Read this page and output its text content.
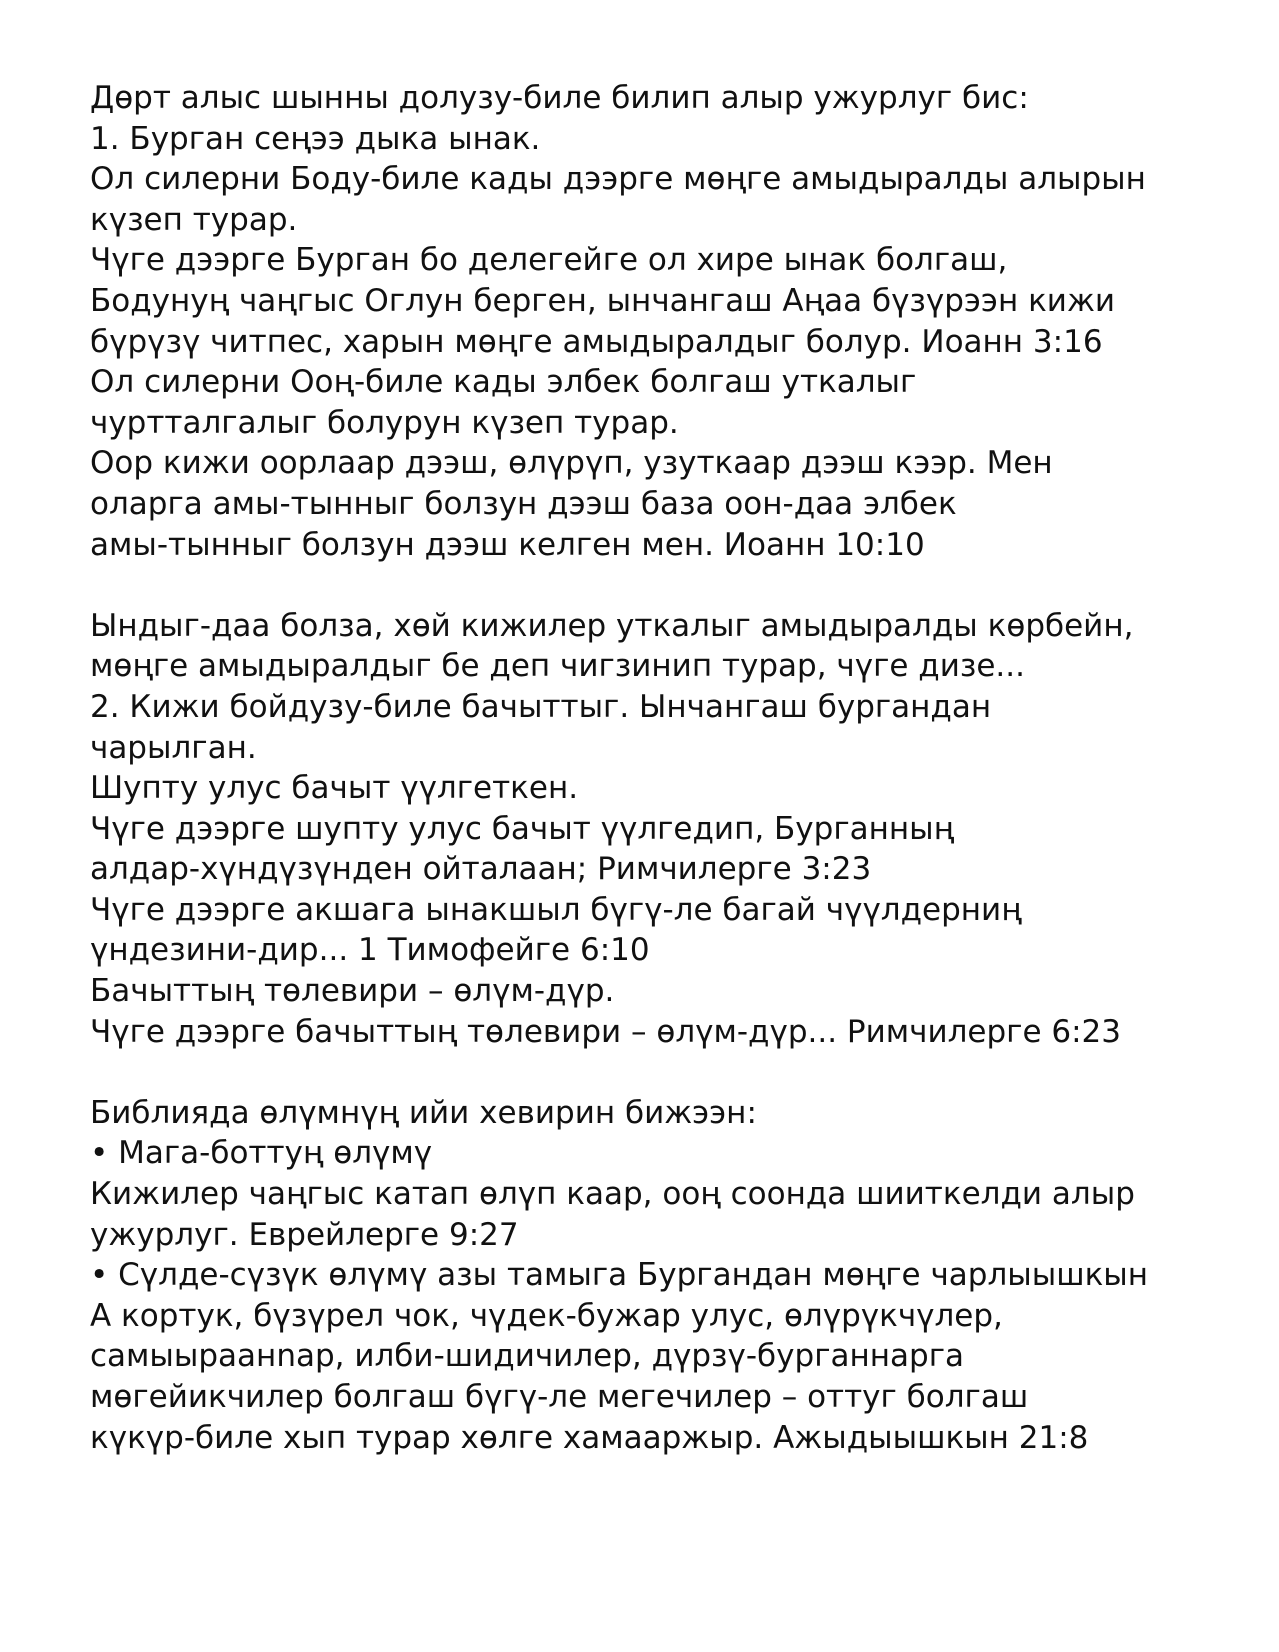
Дөрт алыс шынны долузу-биле билип алыр ужурлуг бис:
1. Бурган сеңээ дыка ынак.
Ол силерни Боду-биле кады дээрге мөңге амыдыралды алырын
күзеп турар.
Чүге дээрге Бурган бо делегейге ол хире ынак болгаш,
Бодунуң чаңгыс Оглун берген, ынчангаш Аңаа бүзүрээн кижи
бүрүзү читпес, харын мөңге амыдыралдыг болур. Иоанн 3:16
Ол силерни Ооң-биле кады элбек болгаш уткалыг
чуртталгалыг болурун күзеп турар.
Оор кижи оорлаар дээш, өлүрүп, узуткаар дээш кээр. Мен
оларга амы-тынныг болзун дээш база оон-даа элбек
амы-тынныг болзун дээш келген мен. Иоанн 10:10
Ындыг-даа болза, хөй кижилер уткалыг амыдыралды көрбейн,
мөңге амыдыралдыг бе деп чигзинип турар, чүге дизе...
2. Кижи бойдузу-биле бачыттыг. Ынчангаш бургандан
чарылган.
Шупту улус бачыт үүлгеткен.
Чүге дээрге шупту улус бачыт үүлгедип, Бурганның
алдар-хүндүзүнден ойталаан; Римчилерге 3:23
Чүге дээрге акшага ынакшыл бүгү-ле багай чүүлдерниң
үндезини-дир... 1 Тимофейге 6:10
Бачыттың төлевири – өлүм-дүр.
Чүге дээрге бачыттың төлевири – өлүм-дүр... Римчилерге 6:23
Библияда өлүмнүң ийи хевирин бижээн:
• Мага-боттуң өлүмү
Кижилер чаңгыс катап өлүп каар, ооң соонда шииткелди алыр
ужурлуг. Еврейлерге 9:27
• Сүлде-сүзүк өлүмү азы тамыга Бургандан мөңге чарлыышкын
А кортук, бүзүрел чок, чүдек-бужар улус, өлүрүкчүлер,
самыыраанnар, илби-шидичилер, дүрзү-бурганнарга
мөгейикчилер болгаш бүгү-ле мегечилер – оттуг болгаш
күкүр-биле хып турар хөлге хамааржыр. Ажыдыышкын 21:8
